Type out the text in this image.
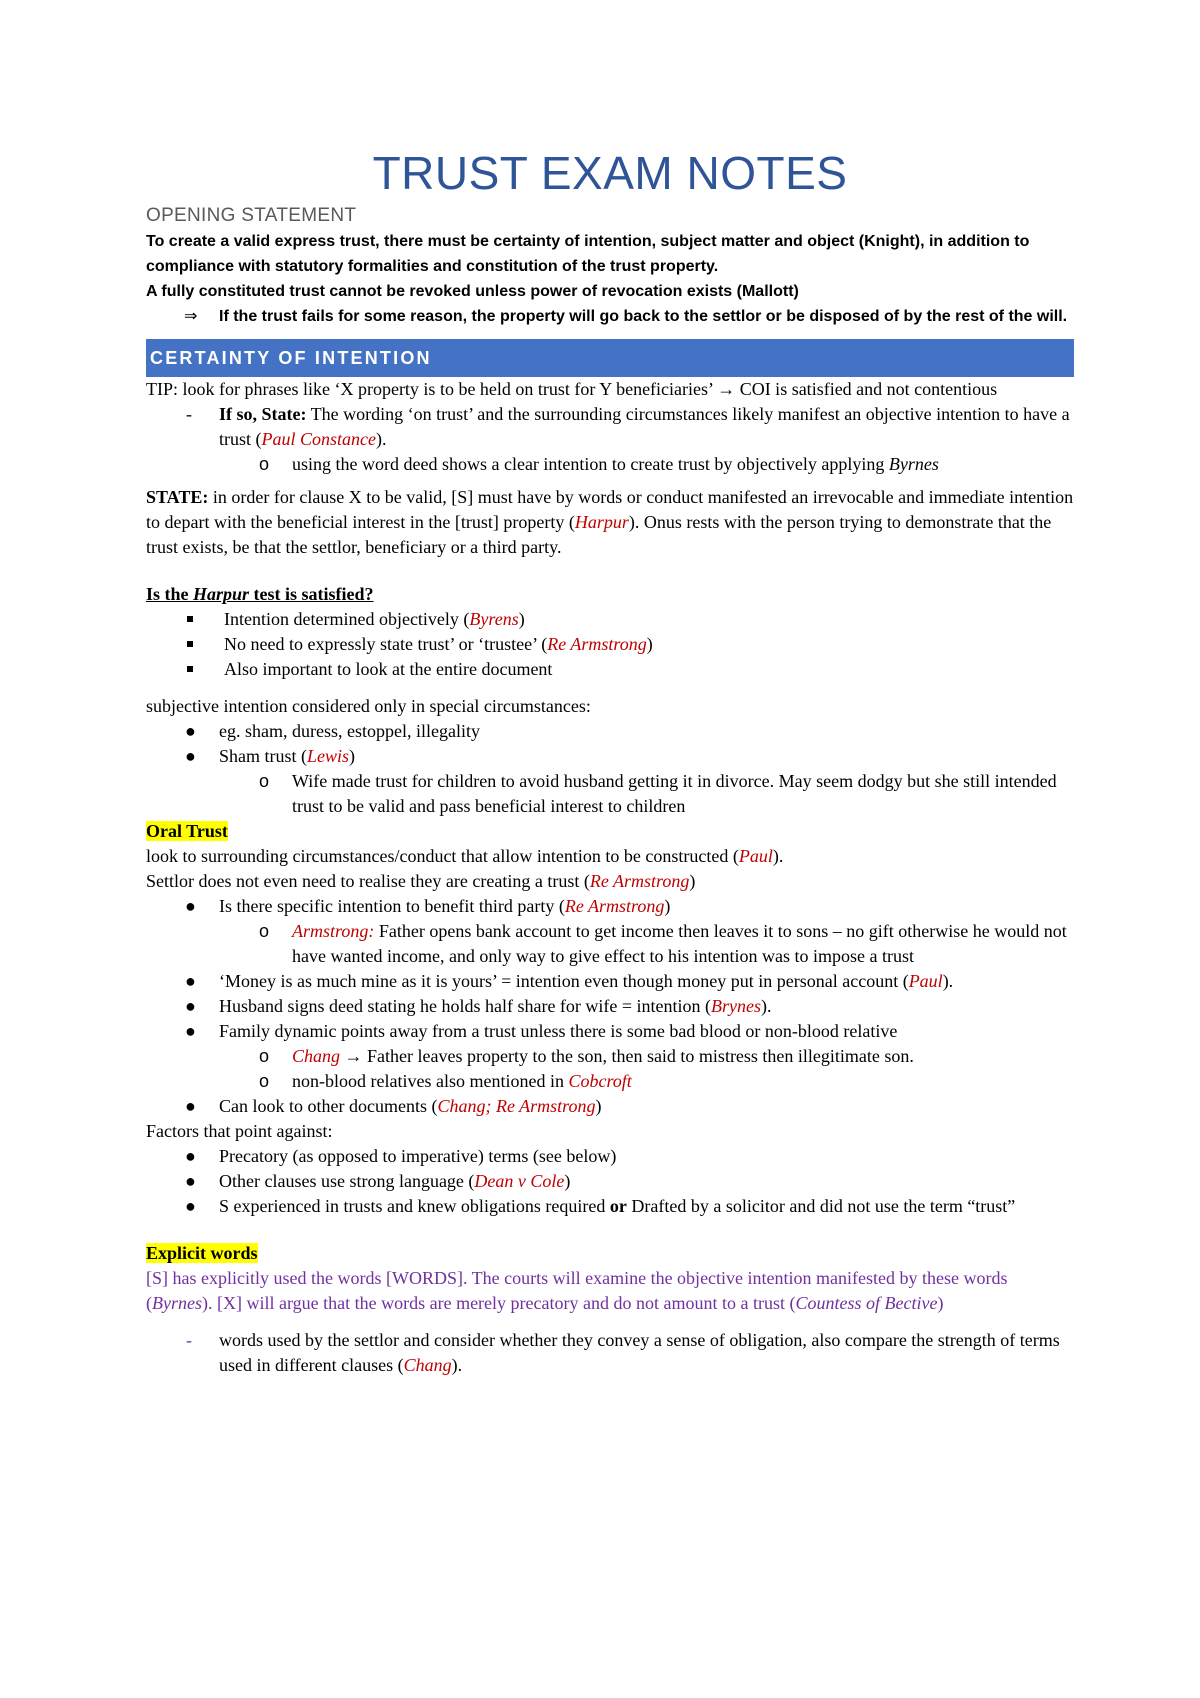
TRUST EXAM NOTES
OPENING STATEMENT

To create a valid express trust, there must be certainty of intention, subject matter and object (Knight), in addition to compliance with statutory formalities and constitution of the trust property.

A fully constituted trust cannot be revoked unless power of revocation exists (Mallott)

⇒ If the trust fails for some reason, the property will go back to the settlor or be disposed of by the rest of the will.

CERTAINTY OF INTENTION

TIP: look for phrases like ‘X property is to be held on trust for Y beneficiaries’ → COI is satisfied and not contentious

- If so, State: The wording ‘on trust’ and the surrounding circumstances likely manifest an objective intention to have a trust (Paul Constance).
o using the word deed shows a clear intention to create trust by objectively applying Byrnes

STATE: in order for clause X to be valid, [S] must have by words or conduct manifested an irrevocable and immediate intention to depart with the beneficial interest in the [trust] property (Harpur). Onus rests with the person trying to demonstrate that the trust exists, be that the settlor, beneficiary or a third party.

Is the Harpur test is satisfied?

Intention determined objectively (Byrens)
No need to expressly state trust’ or ‘trustee’ (Re Armstrong)
Also important to look at the entire document

subjective intention considered only in special circumstances:

● eg. sham, duress, estoppel, illegality
● Sham trust (Lewis)
o Wife made trust for children to avoid husband getting it in divorce. May seem dodgy but she still intended trust to be valid and pass beneficial interest to children

Oral Trust

look to surrounding circumstances/conduct that allow intention to be constructed (Paul).

Settlor does not even need to realise they are creating a trust (Re Armstrong)

● Is there specific intention to benefit third party (Re Armstrong)
o Armstrong: Father opens bank account to get income then leaves it to sons – no gift otherwise he would not have wanted income, and only way to give effect to his intention was to impose a trust
● ‘Money is as much mine as it is yours’ = intention even though money put in personal account (Paul).
● Husband signs deed stating he holds half share for wife = intention (Brynes).
● Family dynamic points away from a trust unless there is some bad blood or non-blood relative
o Chang → Father leaves property to the son, then said to mistress then illegitimate son.
o non-blood relatives also mentioned in Cobcroft
● Can look to other documents (Chang; Re Armstrong)

Factors that point against:

● Precatory (as opposed to imperative) terms (see below)
● Other clauses use strong language (Dean v Cole)
● S experienced in trusts and knew obligations required or Drafted by a solicitor and did not use the term “trust”

Explicit words

[S] has explicitly used the words [WORDS]. The courts will examine the objective intention manifested by these words (Byrnes). [X] will argue that the words are merely precatory and do not amount to a trust (Countess of Bective)

- words used by the settlor and consider whether they convey a sense of obligation, also compare the strength of terms used in different clauses (Chang).
